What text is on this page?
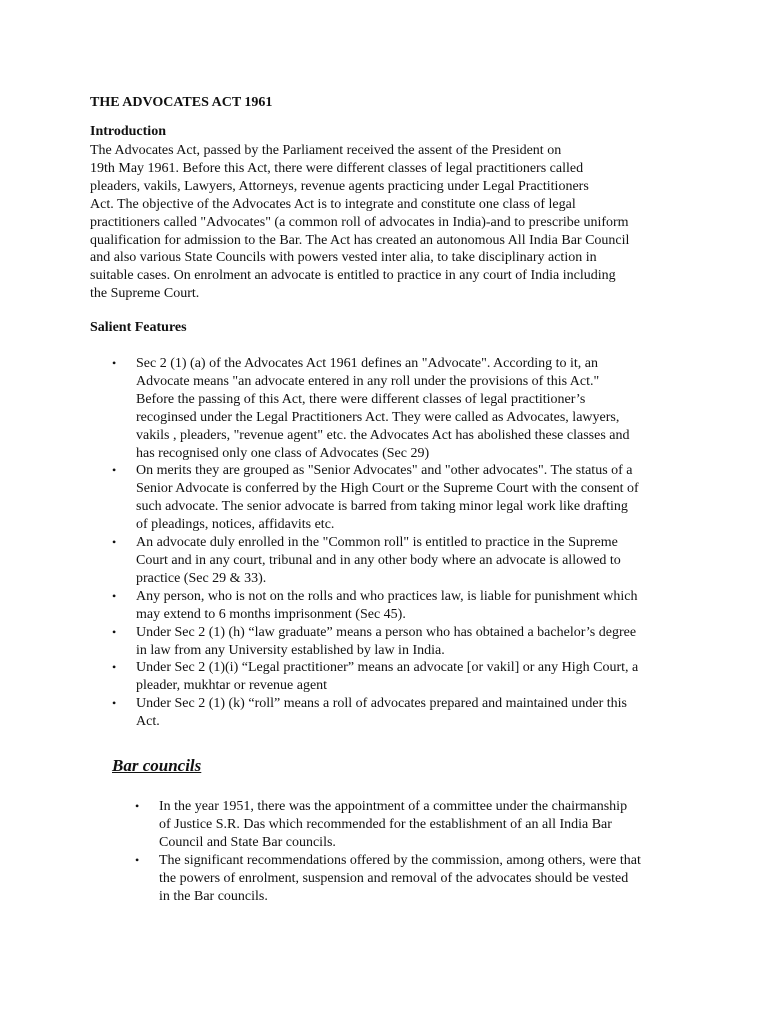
THE ADVOCATES ACT 1961
Introduction

The Advocates Act, passed by the Parliament received the assent of the President on
19th May 1961. Before this Act, there were different classes of legal practitioners called
pleaders, vakils, Lawyers, Attorneys, revenue agents practicing under Legal Practitioners
Act. The objective of the Advocates Act is to integrate and constitute one class of legal
practitioners called "Advocates" (a common roll of advocates in India)-and to prescribe uniform
qualification for admission to the Bar. The Act has created an autonomous All India Bar Council
and also various State Councils with powers vested inter alia, to take disciplinary action in
suitable cases. On enrolment an advocate is entitled to practice in any court of India including
the Supreme Court.

Salient Features
• Sec 2 (1) (a) of the Advocates Act 1961 defines an "Advocate". According to it, an
Advocate means "an advocate entered in any roll under the provisions of this Act."
Before the passing of this Act, there were different classes of legal practitioner’s
recoginsed under the Legal Practitioners Act. They were called as Advocates, lawyers,
vakils , pleaders, "revenue agent" etc. the Advocates Act has abolished these classes and
has recognised only one class of Advocates (Sec 29)
• On merits they are grouped as "Senior Advocates" and "other advocates". The status of a
Senior Advocate is conferred by the High Court or the Supreme Court with the consent of
such advocate. The senior advocate is barred from taking minor legal work like drafting
of pleadings, notices, affidavits etc.
• An advocate duly enrolled in the "Common roll" is entitled to practice in the Supreme
Court and in any court, tribunal and in any other body where an advocate is allowed to
practice (Sec 29 & 33).
• Any person, who is not on the rolls and who practices law, is liable for punishment which
may extend to 6 months imprisonment (Sec 45).
• Under Sec 2 (1) (h) “law graduate” means a person who has obtained a bachelor’s degree
in law from any University established by law in India.
• Under Sec 2 (1)(i) “Legal practitioner” means an advocate [or vakil] or any High Court, a
pleader, mukhtar or revenue agent
• Under Sec 2 (1) (k) “roll” means a roll of advocates prepared and maintained under this
Act.
Bar councils
• In the year 1951, there was the appointment of a committee under the chairmanship
of Justice S.R. Das which recommended for the establishment of an all India Bar
Council and State Bar councils.
• The significant recommendations offered by the commission, among others, were that
the powers of enrolment, suspension and removal of the advocates should be vested
in the Bar councils.
